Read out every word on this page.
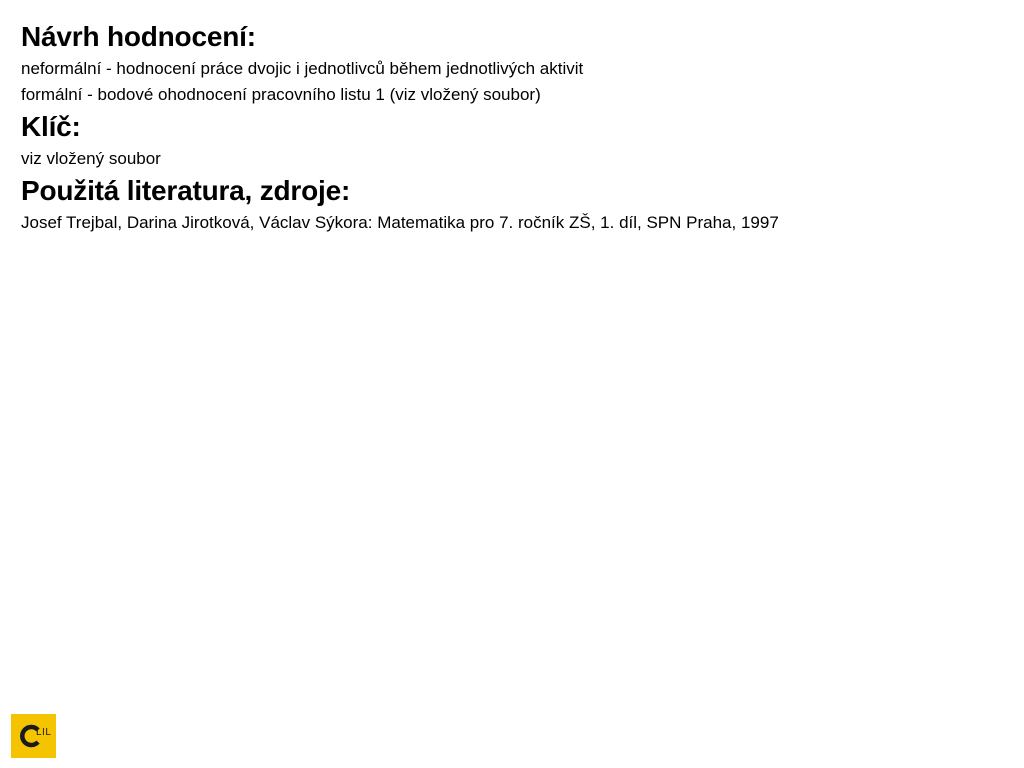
Návrh hodnocení:

neformální - hodnocení práce dvojic i jednotlivců během jednotlivých aktivit

formální - bodové ohodnocení pracovního listu 1 (viz vložený soubor)

Klíč:

viz vložený soubor

Použitá literatura, zdroje:

Josef Trejbal, Darina Jirotková, Václav Sýkora: Matematika pro 7. ročník ZŠ, 1. díl, SPN Praha, 1997

LIL
